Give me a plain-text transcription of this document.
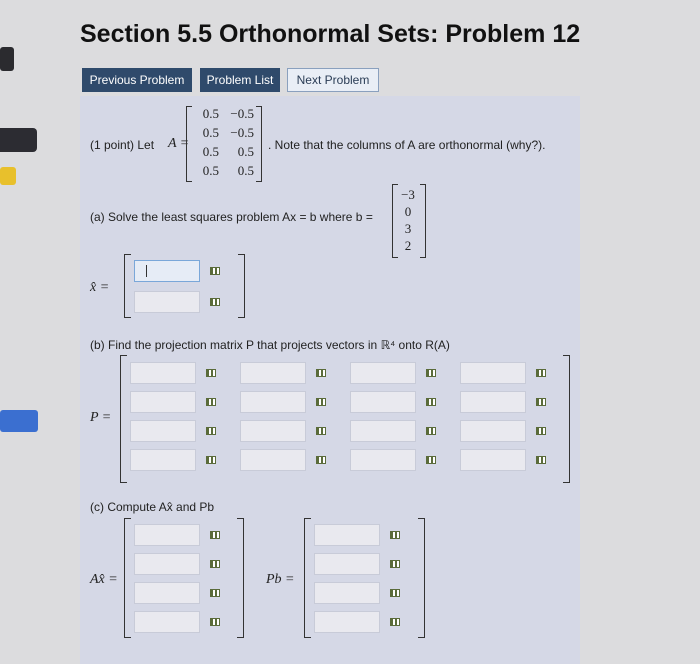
Section 5.5 Orthonormal Sets: Problem 12
Previous Problem	Problem List	Next Problem
(1 point) Let A =	. Note that the columns of A are orthonormal (why?).
(a) Solve the least squares problem Ax = b where b =
x̂ =
(b) Find the projection matrix P that projects vectors in ℝ⁴ onto R(A)
P =
(c) Compute Ax̂ and Pb
Ax̂ =	Pb =
0.5 −0.5
0.5 −0.5
0.5	0.5
0.5	0.5
−3
0
3
2
